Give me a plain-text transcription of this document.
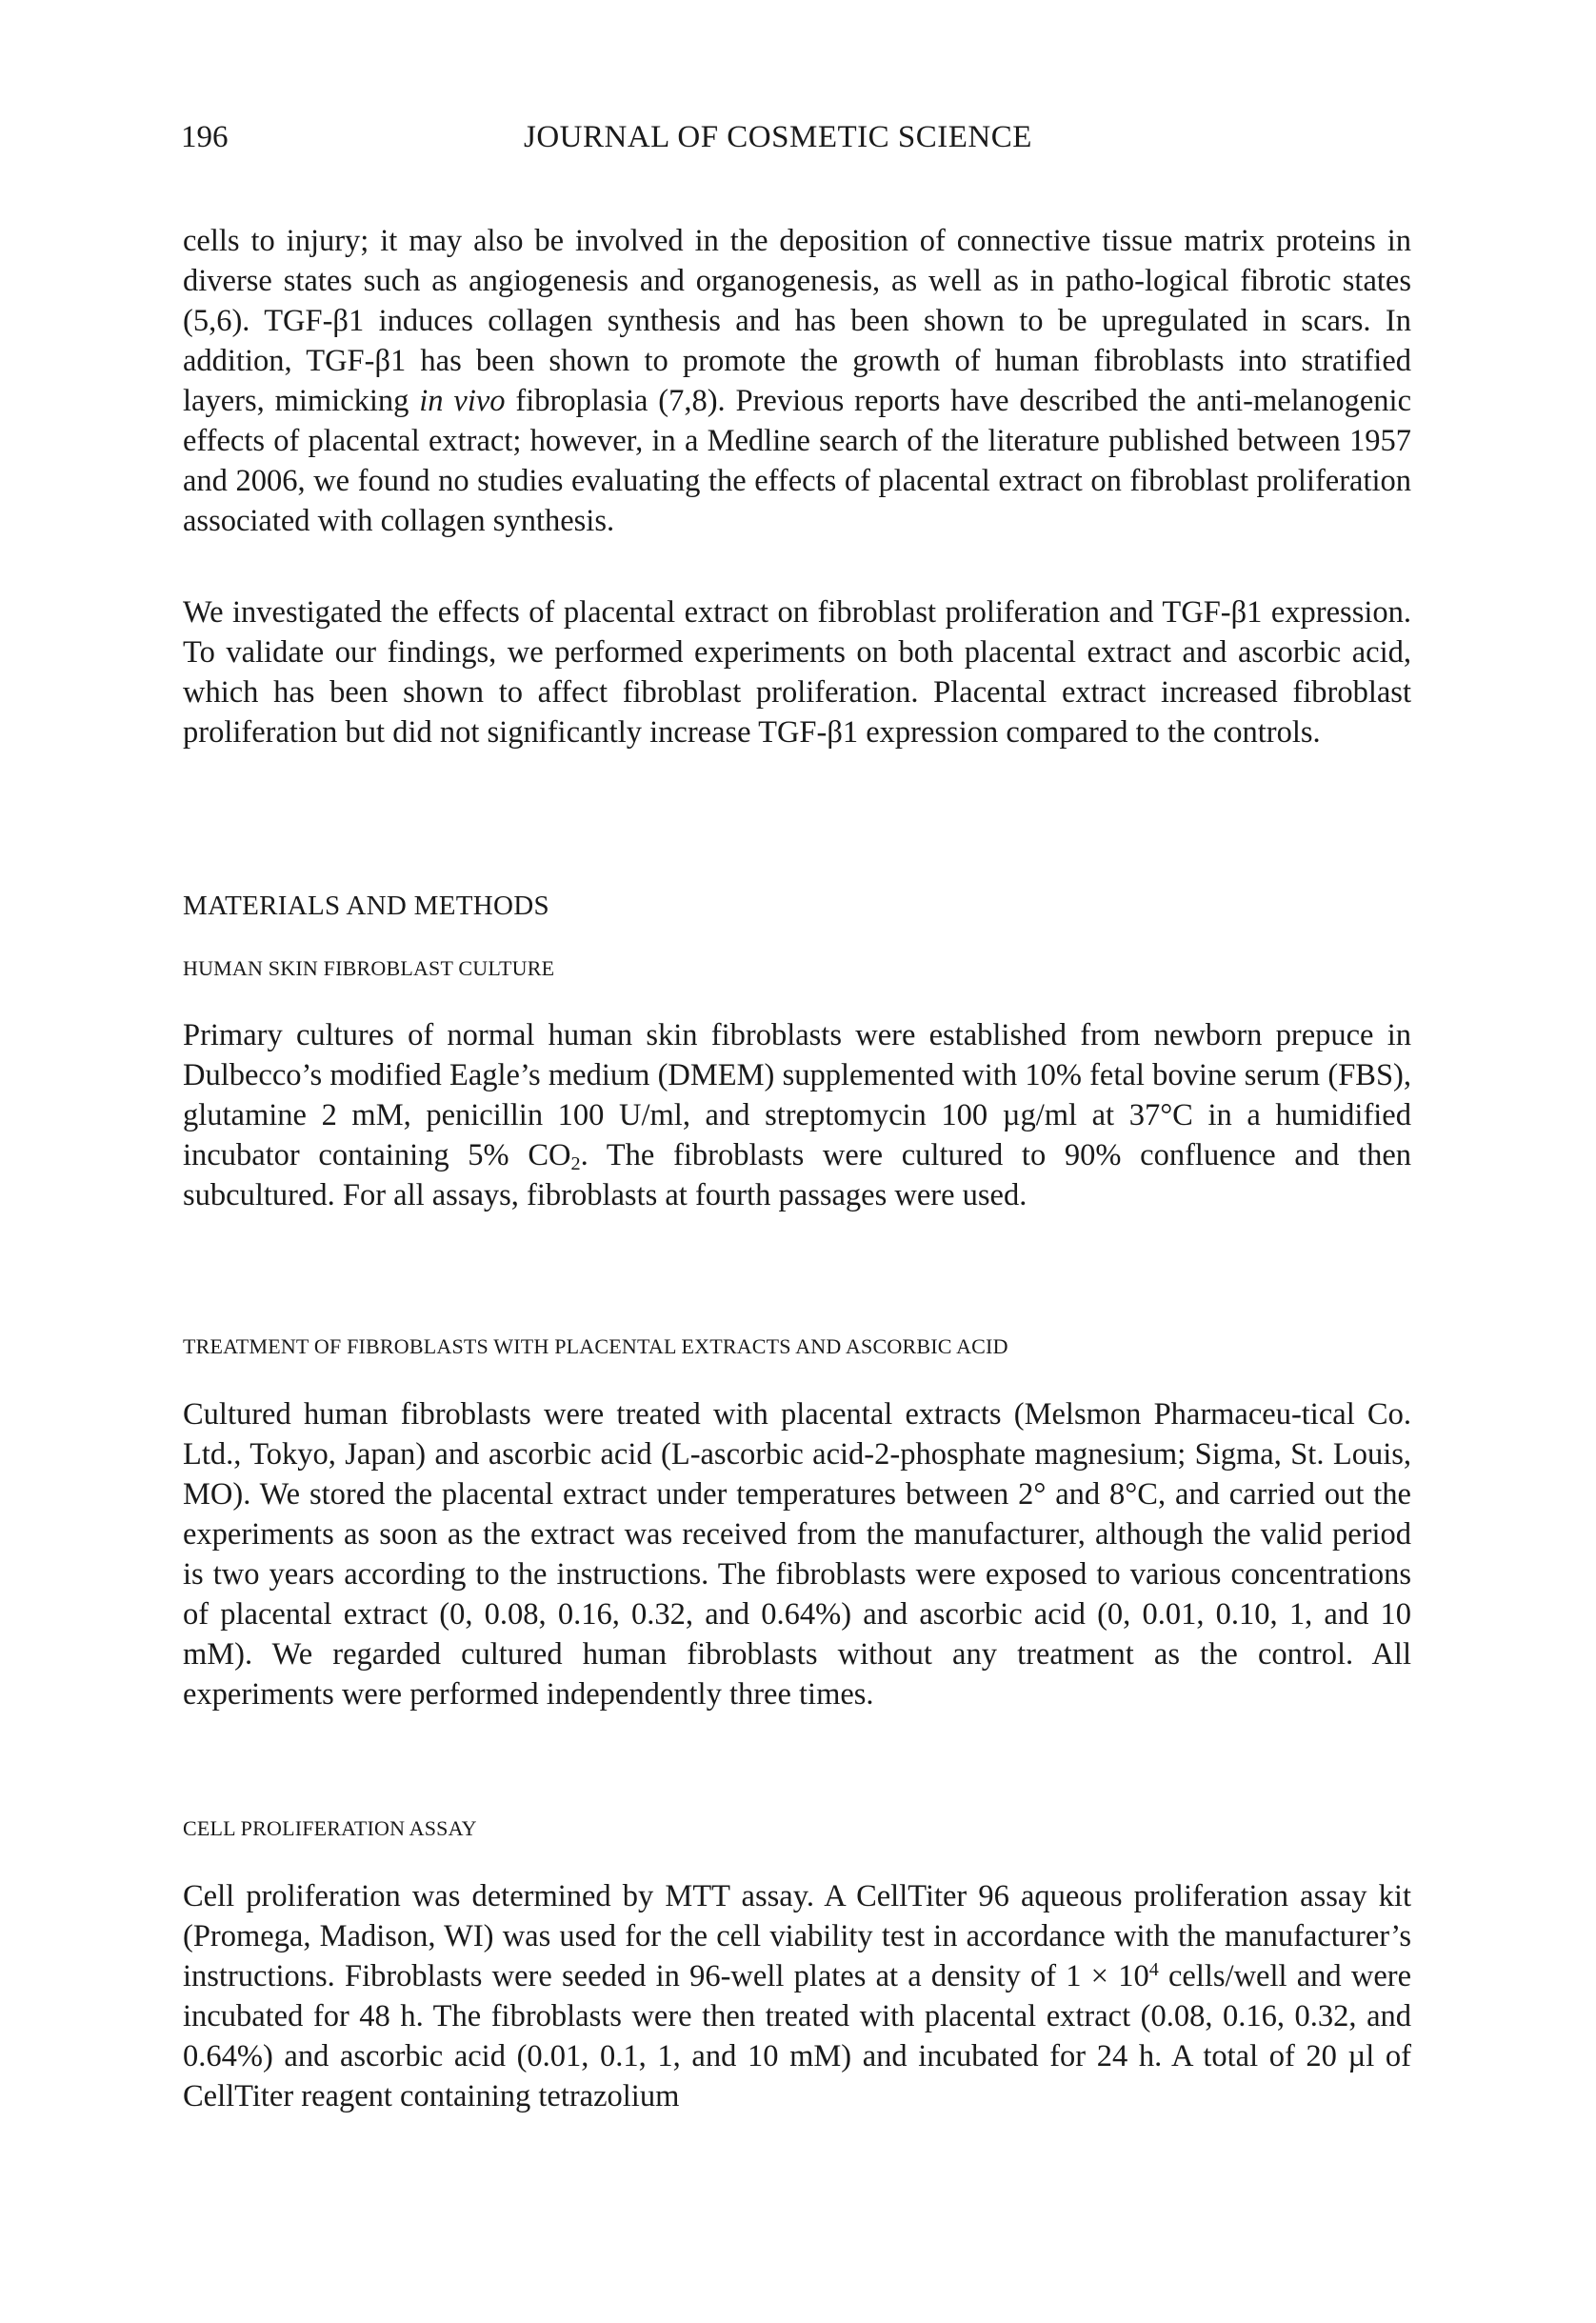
196	JOURNAL OF COSMETIC SCIENCE

cells to injury; it may also be involved in the deposition of connective tissue matrix proteins in diverse states such as angiogenesis and organogenesis, as well as in patho-logical fibrotic states (5,6). TGF-β1 induces collagen synthesis and has been shown to be upregulated in scars. In addition, TGF-β1 has been shown to promote the growth of human fibroblasts into stratified layers, mimicking in vivo fibroplasia (7,8). Previous reports have described the anti-melanogenic effects of placental extract; however, in a Medline search of the literature published between 1957 and 2006, we found no studies evaluating the effects of placental extract on fibroblast proliferation associated with collagen synthesis.

We investigated the effects of placental extract on fibroblast proliferation and TGF-β1 expression. To validate our findings, we performed experiments on both placental extract and ascorbic acid, which has been shown to affect fibroblast proliferation. Placental extract increased fibroblast proliferation but did not significantly increase TGF-β1 expression compared to the controls.

MATERIALS AND METHODS
HUMAN SKIN FIBROBLAST CULTURE

Primary cultures of normal human skin fibroblasts were established from newborn prepuce in Dulbecco’s modified Eagle’s medium (DMEM) supplemented with 10% fetal bovine serum (FBS), glutamine 2 mM, penicillin 100 U/ml, and streptomycin 100 µg/ml at 37°C in a humidified incubator containing 5% $CO_2$. The fibroblasts were cultured to 90% confluence and then subcultured. For all assays, fibroblasts at fourth passages were used.

TREATMENT OF FIBROBLASTS WITH PLACENTAL EXTRACTS AND ASCORBIC ACID

Cultured human fibroblasts were treated with placental extracts (Melsmon Pharmaceu-tical Co. Ltd., Tokyo, Japan) and ascorbic acid (L-ascorbic acid-2-phosphate magnesium; Sigma, St. Louis, MO). We stored the placental extract under temperatures between 2° and 8°C, and carried out the experiments as soon as the extract was received from the manufacturer, although the valid period is two years according to the instructions. The fibroblasts were exposed to various concentrations of placental extract (0, 0.08, 0.16, 0.32, and 0.64%) and ascorbic acid (0, 0.01, 0.10, 1, and 10 mM). We regarded cultured human fibroblasts without any treatment as the control. All experiments were performed independently three times.

CELL PROLIFERATION ASSAY

Cell proliferation was determined by MTT assay. A CellTiter 96 aqueous proliferation assay kit (Promega, Madison, WI) was used for the cell viability test in accordance with the manufacturer’s instructions. Fibroblasts were seeded in 96-well plates at a density of $1 \times 10^4$ cells/well and were incubated for 48 h. The fibroblasts were then treated with placental extract (0.08, 0.16, 0.32, and 0.64%) and ascorbic acid (0.01, 0.1, 1, and 10 mM) and incubated for 24 h. A total of 20 µl of CellTiter reagent containing tetrazolium
